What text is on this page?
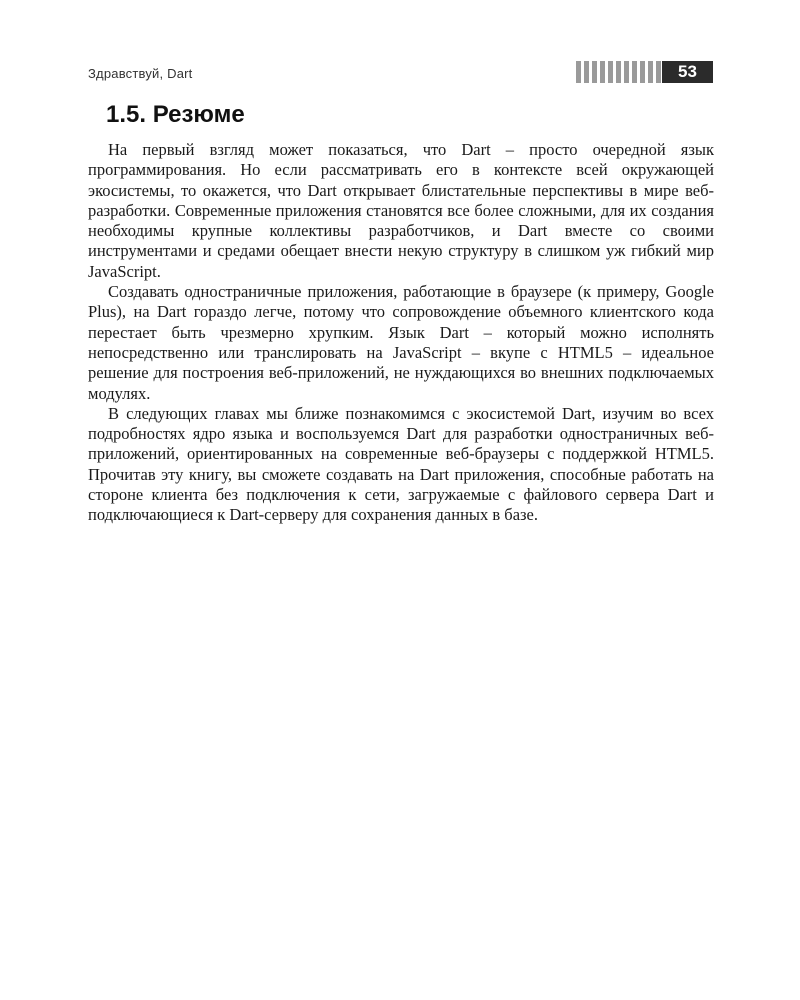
Здравствуй, Dart	53
1.5. Резюме

На первый взгляд может показаться, что Dart – просто очередной язык программирования. Но если рассматривать его в контексте всей окружающей экосистемы, то окажется, что Dart открывает блистательные перспективы в мире веб-разработки. Современные приложения становятся все более сложными, для их создания необходимы крупные коллективы разработчиков, и Dart вместе со своими инструментами и средами обещает внести некую структуру в слишком уж гибкий мир JavaScript.

Создавать одностраничные приложения, работающие в браузере (к примеру, Google Plus), на Dart гораздо легче, потому что сопровождение объемного клиентского кода перестает быть чрезмерно хрупким. Язык Dart – который можно исполнять непосредственно или транслировать на JavaScript – вкупе с HTML5 – идеальное решение для построения веб-приложений, не нуждающихся во внешних подключаемых модулях.

В следующих главах мы ближе познакомимся с экосистемой Dart, изучим во всех подробностях ядро языка и воспользуемся Dart для разработки одностраничных веб-приложений, ориентированных на современные веб-браузеры с поддержкой HTML5. Прочитав эту книгу, вы сможете создавать на Dart приложения, способные работать на стороне клиента без подключения к сети, загружаемые с файлового сервера Dart и подключающиеся к Dart-серверу для сохранения данных в базе.
